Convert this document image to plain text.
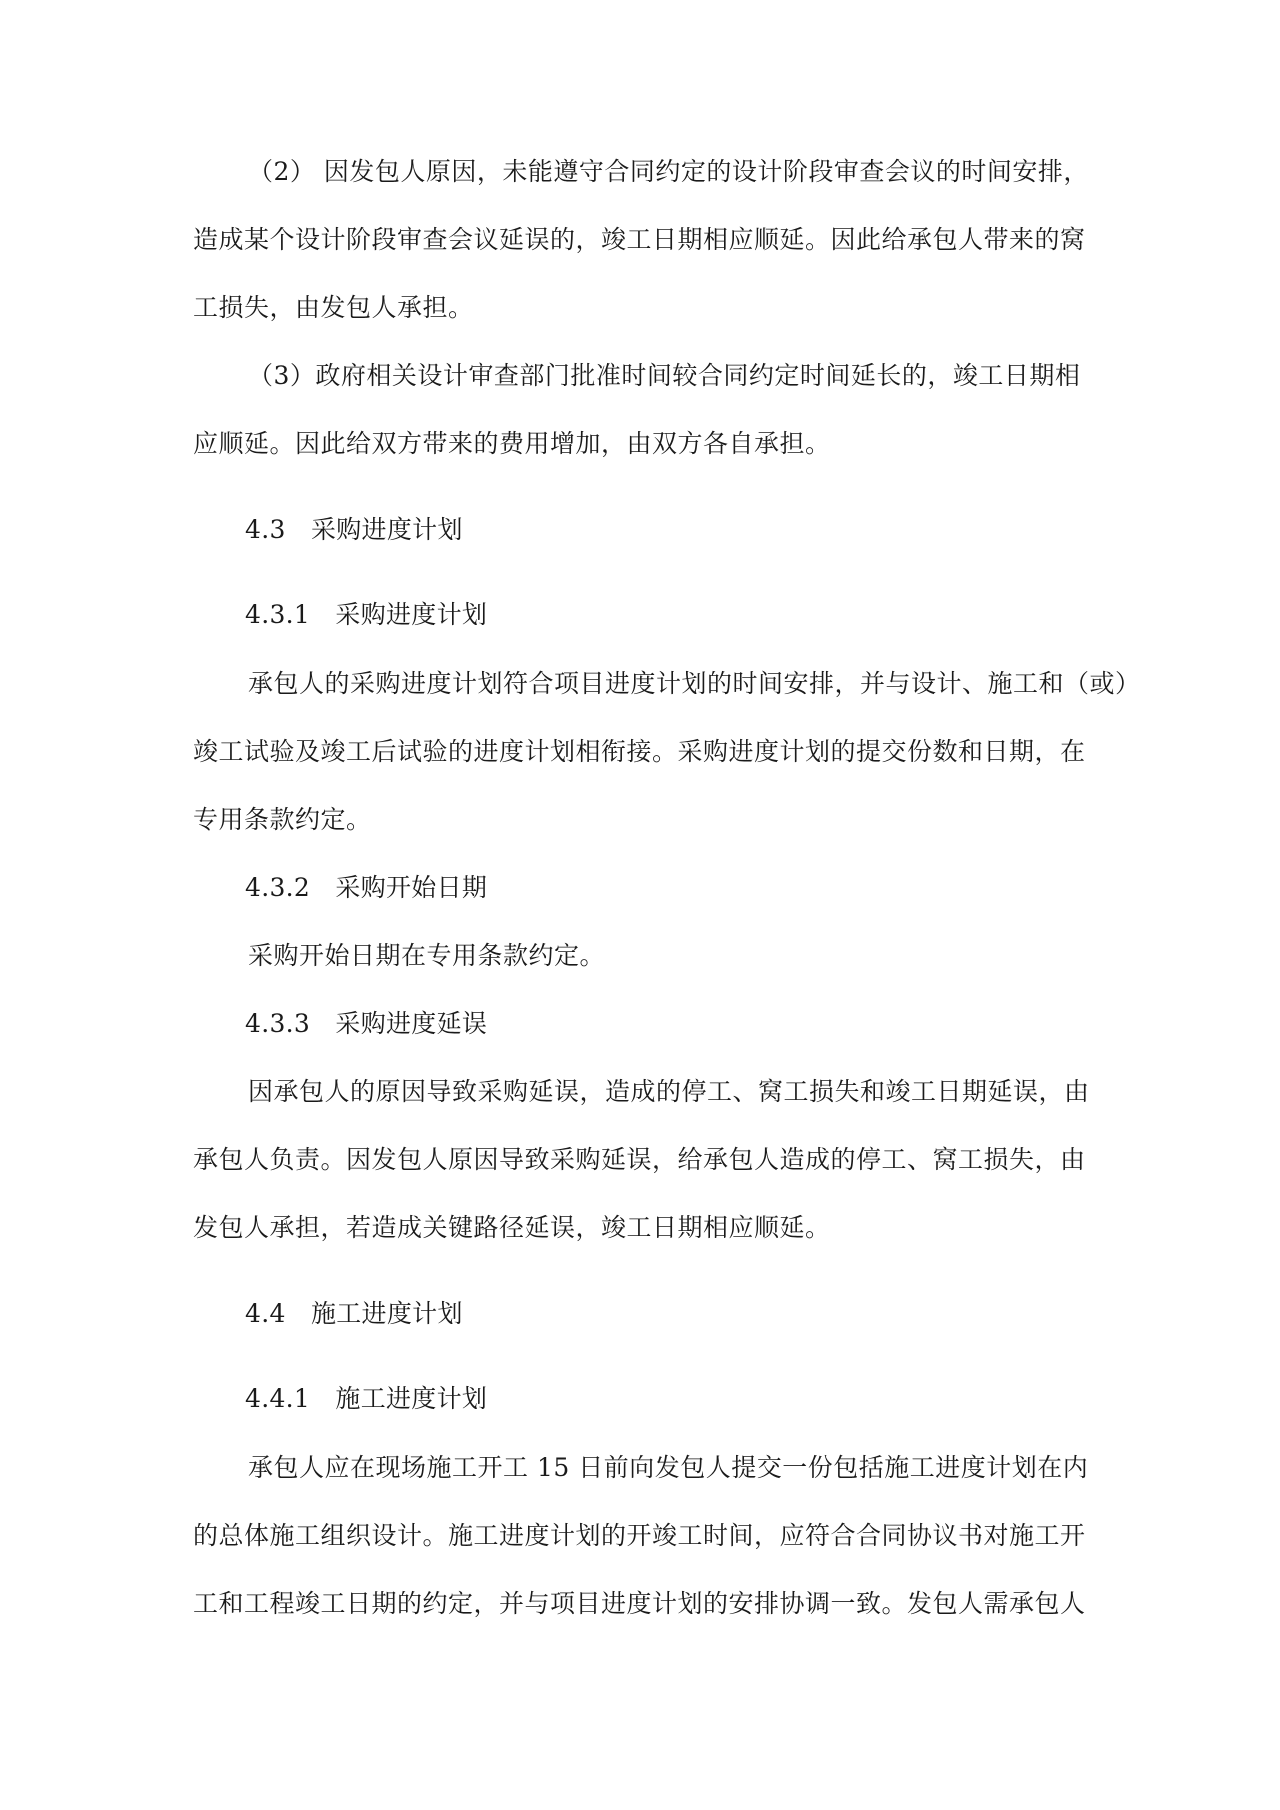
（2） 因发包人原因，未能遵守合同约定的设计阶段审查会议的时间安排，
造成某个设计阶段审查会议延误的，竣工日期相应顺延。因此给承包人带来的窝
工损失，由发包人承担。
（3）政府相关设计审查部门批准时间较合同约定时间延长的，竣工日期相
应顺延。因此给双方带来的费用增加，由双方各自承担。
4.3　采购进度计划
4.3.1　采购进度计划
承包人的采购进度计划符合项目进度计划的时间安排，并与设计、施工和（或）
竣工试验及竣工后试验的进度计划相衔接。采购进度计划的提交份数和日期，在
专用条款约定。
4.3.2　采购开始日期
采购开始日期在专用条款约定。
4.3.3　采购进度延误
因承包人的原因导致采购延误，造成的停工、窝工损失和竣工日期延误，由
承包人负责。因发包人原因导致采购延误，给承包人造成的停工、窝工损失，由
发包人承担，若造成关键路径延误，竣工日期相应顺延。
4.4　施工进度计划
4.4.1　施工进度计划
承包人应在现场施工开工 15 日前向发包人提交一份包括施工进度计划在内
的总体施工组织设计。施工进度计划的开竣工时间，应符合合同协议书对施工开
工和工程竣工日期的约定，并与项目进度计划的安排协调一致。发包人需承包人
